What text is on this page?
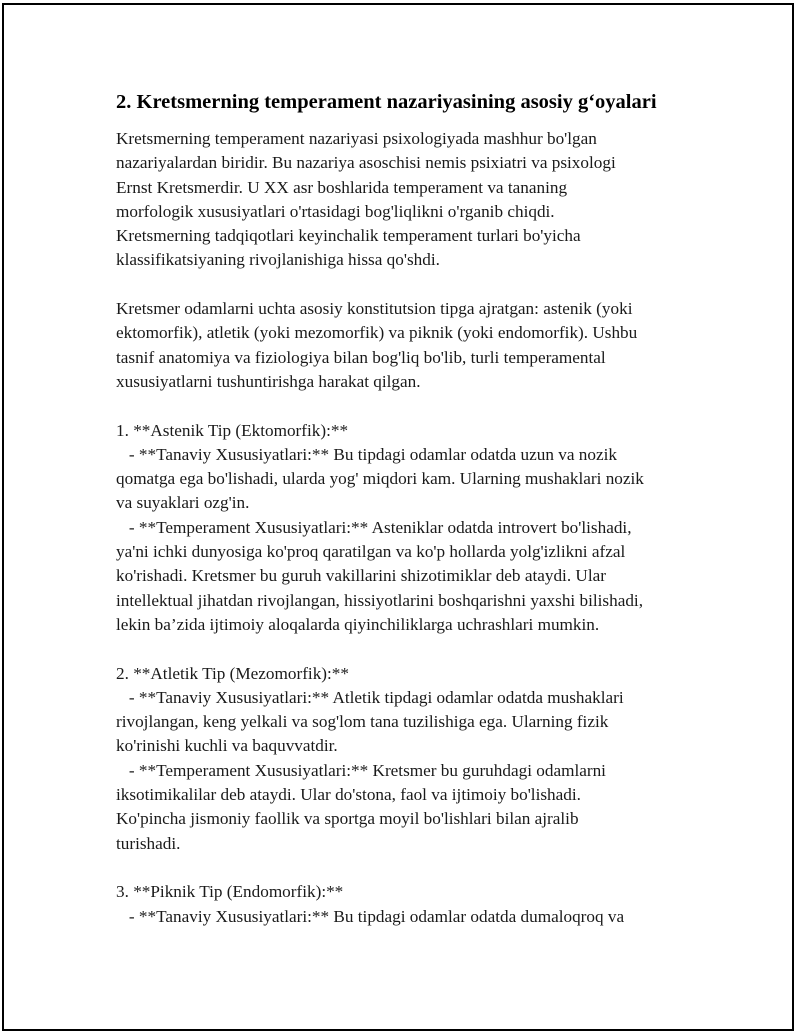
2. Kretsmerning temperament nazariyasining asosiy g‘oyalari
Kretsmerning temperament nazariyasi psixologiyada mashhur bo'lgan
nazariyalardan biridir. Bu nazariya asoschisi nemis psixiatri va psixologi
Ernst Kretsmerdir. U XX asr boshlarida temperament va tananing
morfologik xususiyatlari o'rtasidagi bog'liqlikni o'rganib chiqdi.
Kretsmerning tadqiqotlari keyinchalik temperament turlari bo'yicha
klassifikatsiyaning rivojlanishiga hissa qo'shdi.
Kretsmer odamlarni uchta asosiy konstitutsion tipga ajratgan: astenik (yoki
ektomorfik), atletik (yoki mezomorfik) va piknik (yoki endomorfik). Ushbu
tasnif anatomiya va fiziologiya bilan bog'liq bo'lib, turli temperamental
xususiyatlarni tushuntirishga harakat qilgan.
1. **Astenik Tip (Ektomorfik):**
- **Tanaviy Xususiyatlari:** Bu tipdagi odamlar odatda uzun va nozik
qomatga ega bo'lishadi, ularda yog' miqdori kam. Ularning mushaklari nozik
va suyaklari ozg'in.
- **Temperament Xususiyatlari:** Asteniklar odatda introvert bo'lishadi,
ya'ni ichki dunyosiga ko'proq qaratilgan va ko'p hollarda yolg'izlikni afzal
ko'rishadi. Kretsmer bu guruh vakillarini shizotimiklar deb ataydi. Ular
intellektual jihatdan rivojlangan, hissiyotlarini boshqarishni yaxshi bilishadi,
lekin ba’zida ijtimoiy aloqalarda qiyinchiliklarga uchrashlari mumkin.
2. **Atletik Tip (Mezomorfik):**
- **Tanaviy Xususiyatlari:** Atletik tipdagi odamlar odatda mushaklari
rivojlangan, keng yelkali va sog'lom tana tuzilishiga ega. Ularning fizik
ko'rinishi kuchli va baquvvatdir.
- **Temperament Xususiyatlari:** Kretsmer bu guruhdagi odamlarni
iksotimikalilar deb ataydi. Ular do'stona, faol va ijtimoiy bo'lishadi.
Ko'pincha jismoniy faollik va sportga moyil bo'lishlari bilan ajralib
turishadi.
3. **Piknik Tip (Endomorfik):**
- **Tanaviy Xususiyatlari:** Bu tipdagi odamlar odatda dumaloqroq va
